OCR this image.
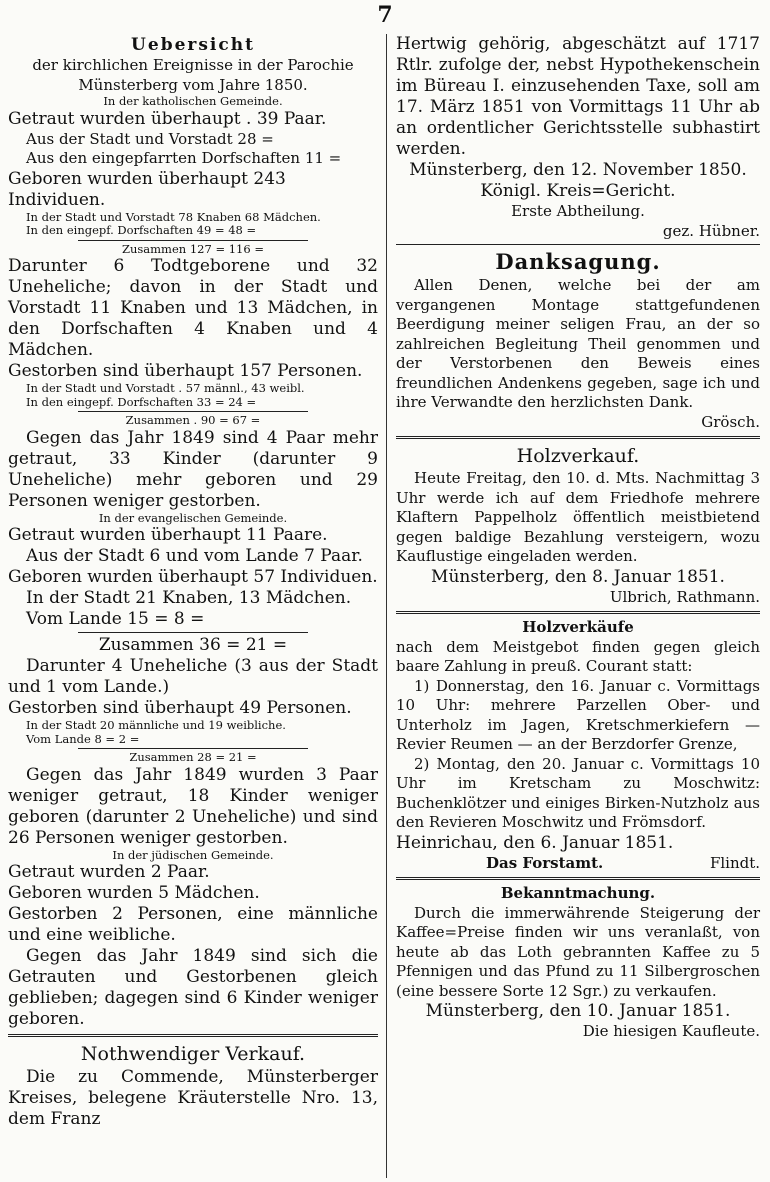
7

Uebersicht

der kirchlichen Ereignisse in der Parochie

Münsterberg vom Jahre 1850.

In der katholischen Gemeinde.

Getraut wurden überhaupt . 39 Paar.

Aus der Stadt und Vorstadt 28 =

Aus den eingepfarrten Dorfschaften 11 =

Geboren wurden überhaupt 243 Individuen.

In der Stadt und Vorstadt 78 Knaben 68 Mädchen.

In den eingepf. Dorfschaften 49 = 48 =

Zusammen 127 = 116 =

Darunter 6 Todtgeborene und 32 Uneheliche; davon in der Stadt und Vorstadt 11 Knaben und 13 Mädchen, in den Dorfschaften 4 Knaben und 4 Mädchen.

Gestorben sind überhaupt 157 Personen.

In der Stadt und Vorstadt . 57 männl., 43 weibl.

In den eingepf. Dorfschaften 33 = 24 =

Zusammen . 90 = 67 =

Gegen das Jahr 1849 sind 4 Paar mehr getraut, 33 Kinder (darunter 9 Uneheliche) mehr geboren und 29 Personen weniger gestorben.

In der evangelischen Gemeinde.

Getraut wurden überhaupt 11 Paare.

Aus der Stadt 6 und vom Lande 7 Paar.

Geboren wurden überhaupt 57 Individuen.

In der Stadt 21 Knaben, 13 Mädchen.

Vom Lande 15 = 8 =

Zusammen 36 = 21 =

Darunter 4 Uneheliche (3 aus der Stadt und 1 vom Lande.)

Gestorben sind überhaupt 49 Personen.

In der Stadt 20 männliche und 19 weibliche.

Vom Lande 8 = 2 =

Zusammen 28 = 21 =

Gegen das Jahr 1849 wurden 3 Paar weniger getraut, 18 Kinder weniger geboren (darunter 2 Uneheliche) und sind 26 Personen weniger gestorben.

In der jüdischen Gemeinde.

Getraut wurden 2 Paar.

Geboren wurden 5 Mädchen.

Gestorben 2 Personen, eine männliche und eine weibliche.

Gegen das Jahr 1849 sind sich die Getrauten und Gestorbenen gleich geblieben; dagegen sind 6 Kinder weniger geboren.

Nothwendiger Verkauf.

Die zu Commende, Münsterberger Kreises, belegene Kräuterstelle Nro. 13, dem Franz

Hertwig gehörig, abgeschätzt auf 1717 Rtlr. zufolge der, nebst Hypothekenschein im Büreau I. einzusehenden Taxe, soll am 17. März 1851 von Vormittags 11 Uhr ab an ordentlicher Gerichtsstelle subhastirt werden.

Münsterberg, den 12. November 1850.

Königl. Kreis=Gericht.

Erste Abtheilung.

gez. Hübner.

Danksagung.

Allen Denen, welche bei der am vergangenen Montage stattgefundenen Beerdigung meiner seligen Frau, an der so zahlreichen Begleitung Theil genommen und der Verstorbenen den Beweis eines freundlichen Andenkens gegeben, sage ich und ihre Verwandte den herzlichsten Dank.

Grösch.

Holzverkauf.

Heute Freitag, den 10. d. Mts. Nachmittag 3 Uhr werde ich auf dem Friedhofe mehrere Klaftern Pappelholz öffentlich meistbietend gegen baldige Bezahlung versteigern, wozu Kauflustige eingeladen werden.

Münsterberg, den 8. Januar 1851.

Ulbrich, Rathmann.

Holzverkäufe

nach dem Meistgebot finden gegen gleich baare Zahlung in preuß. Courant statt:

1) Donnerstag, den 16. Januar c. Vormittags 10 Uhr: mehrere Parzellen Ober- und Unterholz im Jagen, Kretschmerkiefern — Revier Reumen — an der Berzdorfer Grenze,

2) Montag, den 20. Januar c. Vormittags 10 Uhr im Kretscham zu Moschwitz: Buchenklötzer und einiges Birken-Nutzholz aus den Revieren Moschwitz und Frömsdorf.

Heinrichau, den 6. Januar 1851.

Das Forstamt.	Flindt.

Bekanntmachung.

Durch die immerwährende Steigerung der Kaffee=Preise finden wir uns veranlaßt, von heute ab das Loth gebrannten Kaffee zu 5 Pfennigen und das Pfund zu 11 Silbergroschen (eine bessere Sorte 12 Sgr.) zu verkaufen.

Münsterberg, den 10. Januar 1851.

Die hiesigen Kaufleute.
